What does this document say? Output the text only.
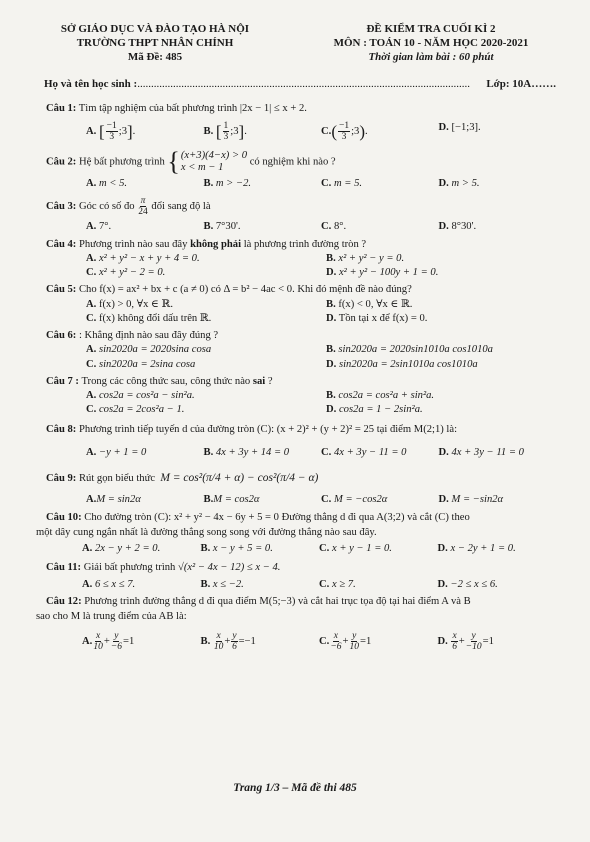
SỞ GIÁO DỤC VÀ ĐÀO TẠO HÀ NỘI
TRƯỜNG THPT NHÂN CHÍNH
Mã Đề: 485
ĐỀ KIỂM TRA CUỐI KÌ 2
MÔN : TOÁN 10 - NĂM HỌC 2020-2021
Thời gian làm bài : 60 phút
Họ và tên học sinh : .........................................................................................................................	Lớp: 10A…….
Câu 1: Tìm tập nghiệm của bất phương trình |2x − 1| ≤ x + 2.
A. [ $\frac{-1}{3}$ ;3].	B. [ $\frac{1}{3}$ ;3].	$C.( \frac{-1}{3}$ ;3).	D. [−1;3].
Câu 2: Hệ bất phương trình { (x+3)(4−x) > 0
x < m − 1
có nghiệm khi nào ?
A. m < 5.	B. m > −2.	C. m = 5.	D. m > 5.
Câu 3: Góc có số đo $\frac{\pi}{24}$ đổi sang độ là
A. 7°.	B. 7°30'.	C. 8°.	D. 8°30'.
Câu 4: Phương trình nào sau đây không phải là phương trình đường tròn ?
A. x² + y² − x + y + 4 = 0.	B. x² + y² − y = 0.
C. x² + y² − 2 = 0.	D. x² + y² − 100y + 1 = 0.
Câu 5: Cho f(x) = ax² + bx + c (a ≠ 0) có Δ = b² − 4ac < 0. Khi đó mệnh đề nào đúng?
A. f(x) > 0, ∀x ∈ ℝ.	B. f(x) < 0, ∀x ∈ ℝ.
C. f(x) không đổi dấu trên ℝ.	D. Tồn tại x để f(x) = 0.
Câu 6: : Khẳng định nào sau đây đúng ?
A. sin2020a = 2020sina cosa	B. sin2020a = 2020sin1010a cos1010a
C. sin2020a = 2sina cosa	D. sin2020a = 2sin1010a cos1010a
Câu 7 : Trong các công thức sau, công thức nào sai ?
A. cos2a = cos²a − sin²a.	B. cos2a = cos²a + sin²a.
C. cos2a = 2cos²a − 1.	D. cos2a = 1 − 2sin²a.
Câu 8: Phương trình tiếp tuyến d của đường tròn (C): (x + 2)² + (y + 2)² = 25 tại điểm M(2;1) là:
A. −y + 1 = 0	B. 4x + 3y + 14 = 0	C. 4x + 3y − 11 = 0	D. 4x + 3y − 11 = 0
Câu 9: Rút gọn biểu thức M = cos²(π/4 + α) − cos²(π/4 − α)
A.M = sin2α	B.M = cos2α	C. M = −cos2α	D. M = −sin2α
Câu 10: Cho đường tròn (C): x² + y² − 4x − 6y + 5 = 0 Đường thẳng d đi qua A(3;2) và cắt (C) theo
một dây cung ngắn nhất là đường thẳng song song với đường thẳng nào sau đây.
A. 2x − y + 2 = 0.	B. x − y + 5 = 0.	C. x + y − 1 = 0.	D. x − 2y + 1 = 0.
Câu 11: Giải bất phương trình √(x² − 4x − 12) ≤ x − 4.
A. 6 ≤ x ≤ 7.	B. x ≤ −2.	C. x ≥ 7.	D. −2 ≤ x ≤ 6.
Câu 12: Phương trình đường thẳng d đi qua điểm M(5;−3) và cắt hai trục tọa độ tại hai điểm A và B
sao cho M là trung điểm của AB là:
A. $\frac{x}{10} + \frac{y}{-6} =1$	B. $\frac{x}{10} + \frac{y}{6} =-1$	C. $\frac{x}{-6} + \frac{y}{10} =1$	D. $\frac{x}{6} + \frac{y}{-10} =1$
Trang 1/3 – Mã đề thi 485
